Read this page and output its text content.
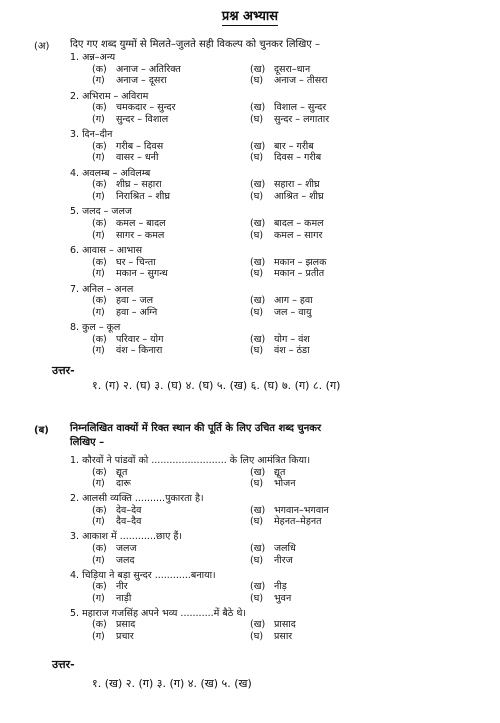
प्रश्न अभ्यास
(अ) दिए गए शब्द युग्मों से मिलते–जुलते सही विकल्प को चुनकर लिखिए –
1. अन्न–अन्य
(क) अनाज – अतिरिक्त	(ख) दूसरा–धान
(ग) अनाज – दूसरा	(घ) अनाज – तीसरा
2. अभिराम – अविराम
(क) चमकदार – सुन्दर	(ख) विशाल – सुन्दर
(ग) सुन्दर – विशाल	(घ) सुन्दर – लगातार
3. दिन–दीन
(क) गरीब – दिवस	(ख) बार – गरीब
(ग) वासर – धनी	(घ) दिवस – गरीब
4. अवलम्ब – अविलम्ब
(क) शीघ्र – सहारा	(ख) सहारा – शीघ्र
(ग) निराश्रित – शीघ्र	(घ) आश्रित – शीघ्र
5. जलद – जलज
(क) कमल – बादल	(ख) बादल – कमल
(ग) सागर – कमल	(घ) कमल – सागर
6. आवास – आभास
(क) घर – चिन्ता	(ख) मकान – झलक
(ग) मकान – सुगन्ध	(घ) मकान – प्रतीत
7. अनिल – अनल
(क) हवा – जल	(ख) आग – हवा
(ग) हवा – अग्नि	(घ) जल – वायु
8. कुल – कूल
(क) परिवार – योग	(ख) योग – वंश
(ग) वंश – किनारा	(घ) वंश – ठंडा
उत्तर-
१. (ग) २. (घ) ३. (घ) ४. (घ) ५. (ख) ६. (घ) ७. (ग) ८. (ग)
(ब) निम्नलिखित वाक्यों में रिक्त स्थान की पूर्ति के लिए उचित शब्द चुनकर
लिखिए –
1. कौरवों ने पांडवों को ......................... के लिए आमंत्रित किया।
(क) द्यूत	(ख) द्यूत
(ग) दारू	(घ) भोजन
2. आलसी व्यक्ति ..........पुकारता है।
(क) देव–देव	(ख) भगवान–भगवान
(ग) दैव–दैव	(घ) मेहनत–मेहनत
3. आकाश में ............छाए हैं।
(क) जलज	(ख) जलधि
(ग) जलद	(घ) नीरज
4. चिड़िया ने बड़ा सुन्दर ............बनाया।
(क) नीर	(ख) नीड़
(ग) नाड़ी	(घ) भुवन
5. महाराज गजसिंह अपने भव्य ...........में बैठे थे।
(क) प्रसाद	(ख) प्रासाद
(ग) प्रचार	(घ) प्रसार
उत्तर-
१. (ख) २. (ग) ३. (ग) ४. (ख) ५. (ख)
